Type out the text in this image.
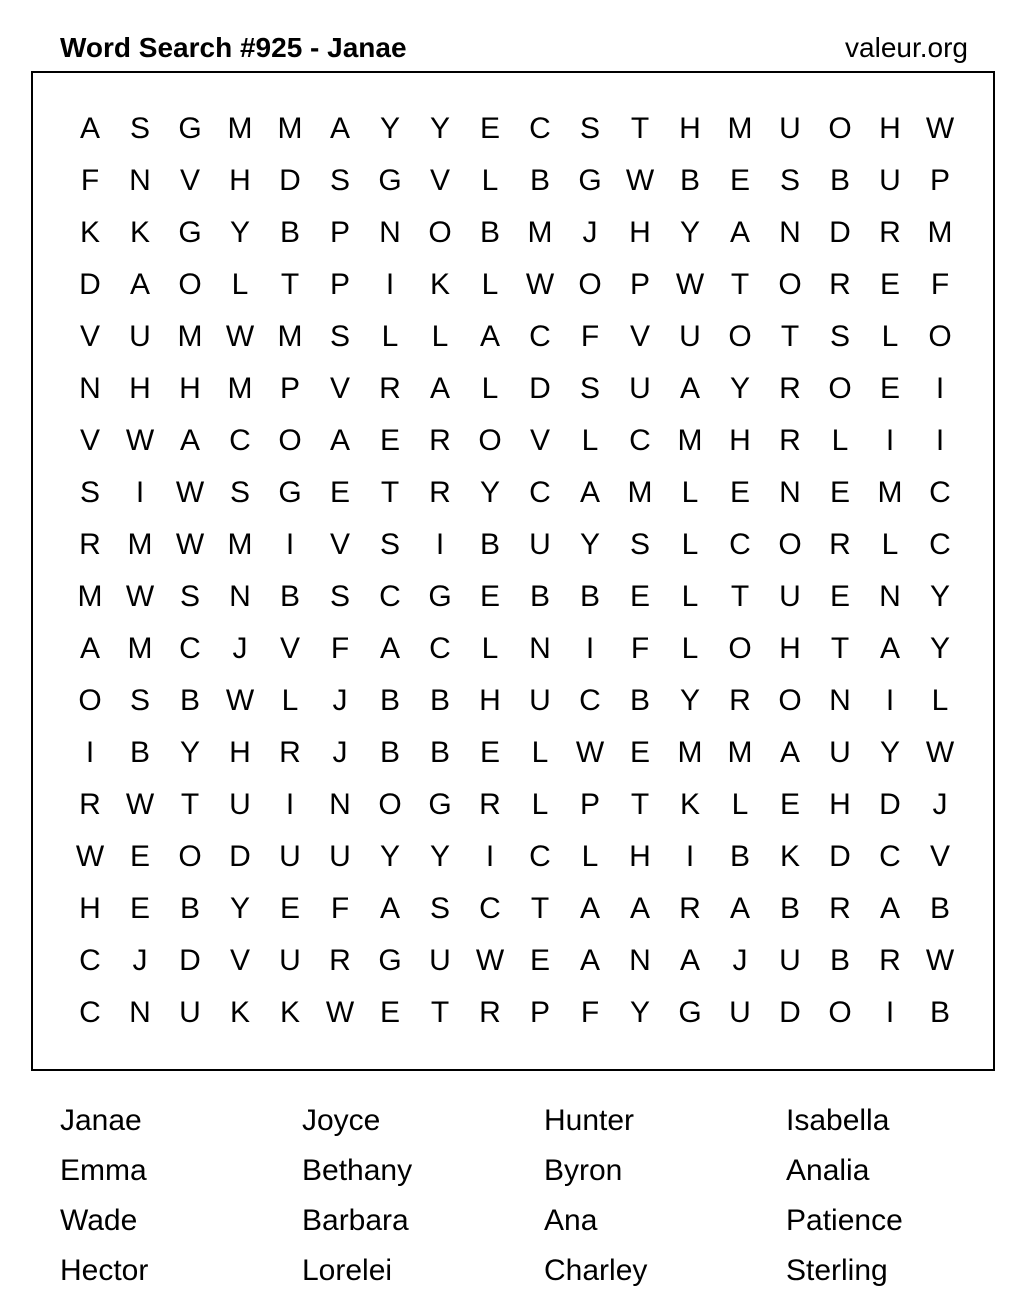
Word Search #925 - Janae	valeur.org
A S G M M A Y Y E C S	T	H M U O H W
F	N V H D S G V	L	B G W B E S B U P
K K G Y B P N O B M	J	H Y A N D R M
D A O L	T	P	I	K	L W O P W T O R E	F
V U M W M S	L	L	A C	F	V U O T	S	L O
N H H M P V R A	L	D S U A Y R O E	I
V W A C O A E R O V	L	C M H R	L	I	I
S	I	W S G E	T	R Y C A M L	E N E M C
R M W M	I	V S	I	B U Y S	L	C O R	L	C
M W S N B S C G E B B E	L	T	U E N Y
A M C	J	V	F	A C	L	N	I	F	L O H	T	A Y
O S B W L	J	B B H U C B Y R O N	I	L
I	B Y H R	J	B B E	L W E M M A U Y W
R W T	U	I	N O G R	L	P	T	K	L	E H D	J
W E O D U U Y Y	I	C	L	H	I	B K D C V
H E B Y E	F	A S C	T	A A R A B R A B
C	J	D V U R G U W E A N A	J	U B R W
C N U K K W E	T	R P	F	Y G U D O	I	B
Janae	Joyce	Hunter	Isabella
Emma	Bethany	Byron	Analia
Wade	Barbara	Ana	Patience
Hector	Lorelei	Charley	Sterling
